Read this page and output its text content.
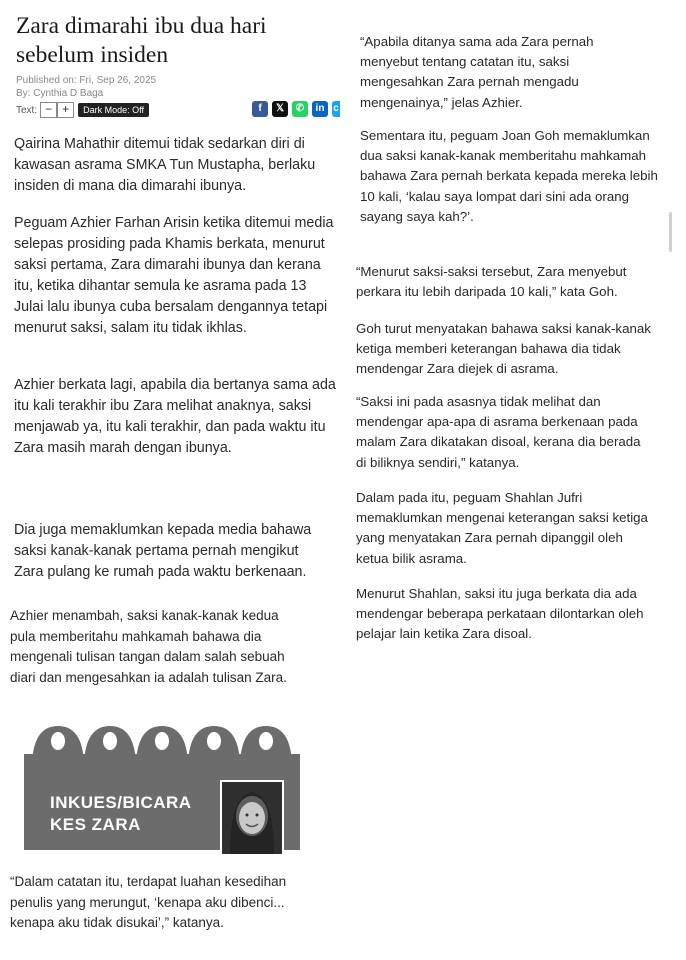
Zara dimarahi ibu dua hari sebelum insiden
Published on: Fri, Sep 26, 2025
By: Cynthia D Baga
Text: − +	Dark Mode: Off	f	𝕏	✆	in c

Qairina Mahathir ditemui tidak sedarkan diri di kawasan asrama SMKA Tun Mustapha, berlaku insiden di mana dia dimarahi ibunya.

Peguam Azhier Farhan Arisin ketika ditemui media selepas prosiding pada Khamis berkata, menurut saksi pertama, Zara dimarahi ibunya dan kerana itu, ketika dihantar semula ke asrama pada 13 Julai lalu ibunya cuba bersalam dengannya tetapi menurut saksi, salam itu tidak ikhlas.

Azhier berkata lagi, apabila dia bertanya sama ada itu kali terakhir ibu Zara melihat anaknya, saksi menjawab ya, itu kali terakhir, dan pada waktu itu Zara masih marah dengan ibunya.

Dia juga memaklumkan kepada media bahawa saksi kanak-kanak pertama pernah mengikut Zara pulang ke rumah pada waktu berkenaan.

Azhier menambah, saksi kanak-kanak kedua pula memberitahu mahkamah bahawa dia mengenali tulisan tangan dalam salah sebuah diari dan mengesahkan ia adalah tulisan Zara.

INKUES/BICARA
KES ZARA

“Dalam catatan itu, terdapat luahan kesedihan penulis yang merungut, ‘kenapa aku dibenci... kenapa aku tidak disukai’,” katanya.

“Apabila ditanya sama ada Zara pernah menyebut tentang catatan itu, saksi mengesahkan Zara pernah mengadu mengenainya,” jelas Azhier.

Sementara itu, peguam Joan Goh memaklumkan dua saksi kanak-kanak memberitahu mahkamah bahawa Zara pernah berkata kepada mereka lebih 10 kali, ‘kalau saya lompat dari sini ada orang sayang saya kah?’.

“Menurut saksi-saksi tersebut, Zara menyebut perkara itu lebih daripada 10 kali,” kata Goh.

Goh turut menyatakan bahawa saksi kanak-kanak ketiga memberi keterangan bahawa dia tidak mendengar Zara diejek di asrama.

“Saksi ini pada asasnya tidak melihat dan mendengar apa-apa di asrama berkenaan pada malam Zara dikatakan disoal, kerana dia berada di biliknya sendiri,” katanya.

Dalam pada itu, peguam Shahlan Jufri memaklumkan mengenai keterangan saksi ketiga yang menyatakan Zara pernah dipanggil oleh ketua bilik asrama.

Menurut Shahlan, saksi itu juga berkata dia ada mendengar beberapa perkataan dilontarkan oleh pelajar lain ketika Zara disoal.
